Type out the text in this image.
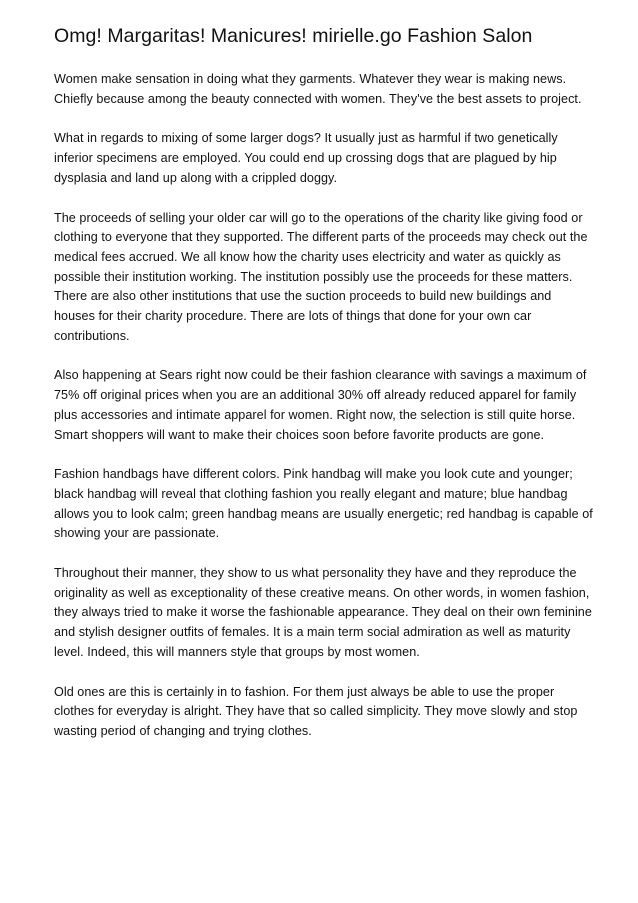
Omg! Margaritas! Manicures! mirielle.go Fashion Salon

Women make sensation in doing what they garments. Whatever they wear is making news. Chiefly because among the beauty connected with women. They've the best assets to project.

What in regards to mixing of some larger dogs? It usually just as harmful if two genetically inferior specimens are employed. You could end up crossing dogs that are plagued by hip dysplasia and land up along with a crippled doggy.

The proceeds of selling your older car will go to the operations of the charity like giving food or clothing to everyone that they supported. The different parts of the proceeds may check out the medical fees accrued. We all know how the charity uses electricity and water as quickly as possible their institution working. The institution possibly use the proceeds for these matters. There are also other institutions that use the suction proceeds to build new buildings and houses for their charity procedure. There are lots of things that done for your own car contributions.

Also happening at Sears right now could be their fashion clearance with savings a maximum of 75% off original prices when you are an additional 30% off already reduced apparel for family plus accessories and intimate apparel for women. Right now, the selection is still quite horse. Smart shoppers will want to make their choices soon before favorite products are gone.

Fashion handbags have different colors. Pink handbag will make you look cute and younger; black handbag will reveal that clothing fashion you really elegant and mature; blue handbag allows you to look calm; green handbag means are usually energetic; red handbag is capable of showing your are passionate.

Throughout their manner, they show to us what personality they have and they reproduce the originality as well as exceptionality of these creative means. On other words, in women fashion, they always tried to make it worse the fashionable appearance. They deal on their own feminine and stylish designer outfits of females. It is a main term social admiration as well as maturity level. Indeed, this will manners style that groups by most women.

Old ones are this is certainly in to fashion. For them just always be able to use the proper clothes for everyday is alright. They have that so called simplicity. They move slowly and stop wasting period of changing and trying clothes.
